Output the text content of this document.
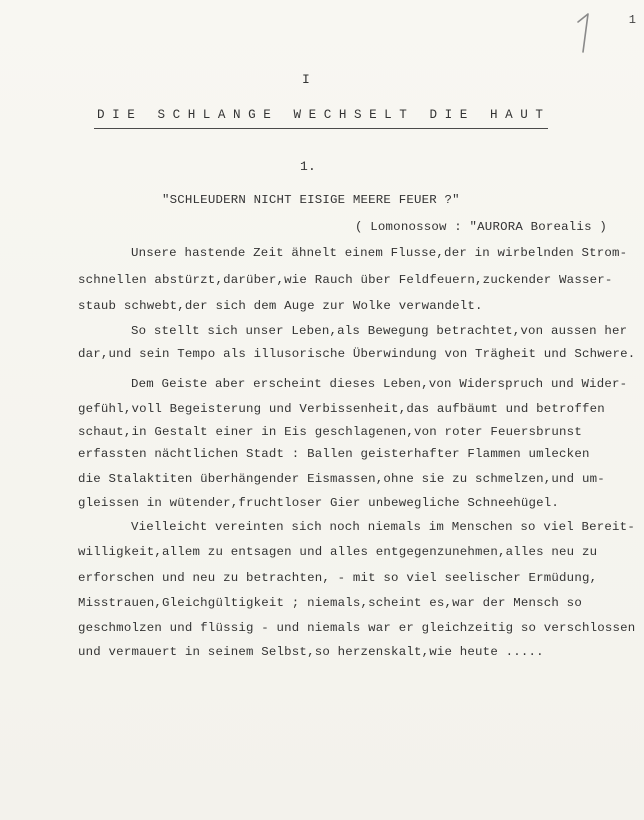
1
I
D I E   S C H L A N G E   W E C H S E L T   D I E   H A U T
1.
"SCHLEUDERN NICHT EISIGE MEERE FEUER ?"
( Lomonossow : "AURORA Borealis )
Unsere hastende Zeit ähnelt einem Flusse,der in wirbelnden Strom-
schnellen abstürzt,darüber,wie Rauch über Feldfeuern,zuckender Wasser-
staub schwebt,der sich dem Auge zur Wolke verwandelt.
So stellt sich unser Leben,als Bewegung betrachtet,von aussen her
dar,und sein Tempo als illusorische Überwindung von Trägheit und Schwere.
Dem Geiste aber erscheint dieses Leben,von Widerspruch und Wider-
gefühl,voll Begeisterung und Verbissenheit,das aufbäumt und betroffen
schaut,in Gestalt einer in Eis geschlagenen,von roter Feuersbrunst
erfassten nächtlichen Stadt : Ballen geisterhafter Flammen umlecken
die Stalaktiten überhängender Eismassen,ohne sie zu schmelzen,und um-
gleissen in wütender,fruchtloser Gier unbewegliche Schneehügel.
Vielleicht vereinten sich noch niemals im Menschen so viel Bereit-
willigkeit,allem zu entsagen und alles entgegenzunehmen,alles neu zu
erforschen und neu zu betrachten, - mit so viel seelischer Ermüdung,
Misstrauen,Gleichgültigkeit ; niemals,scheint es,war der Mensch so
geschmolzen und flüssig - und niemals war er gleichzeitig so verschlossen
und vermauert in seinem Selbst,so herzenskalt,wie heute .....
